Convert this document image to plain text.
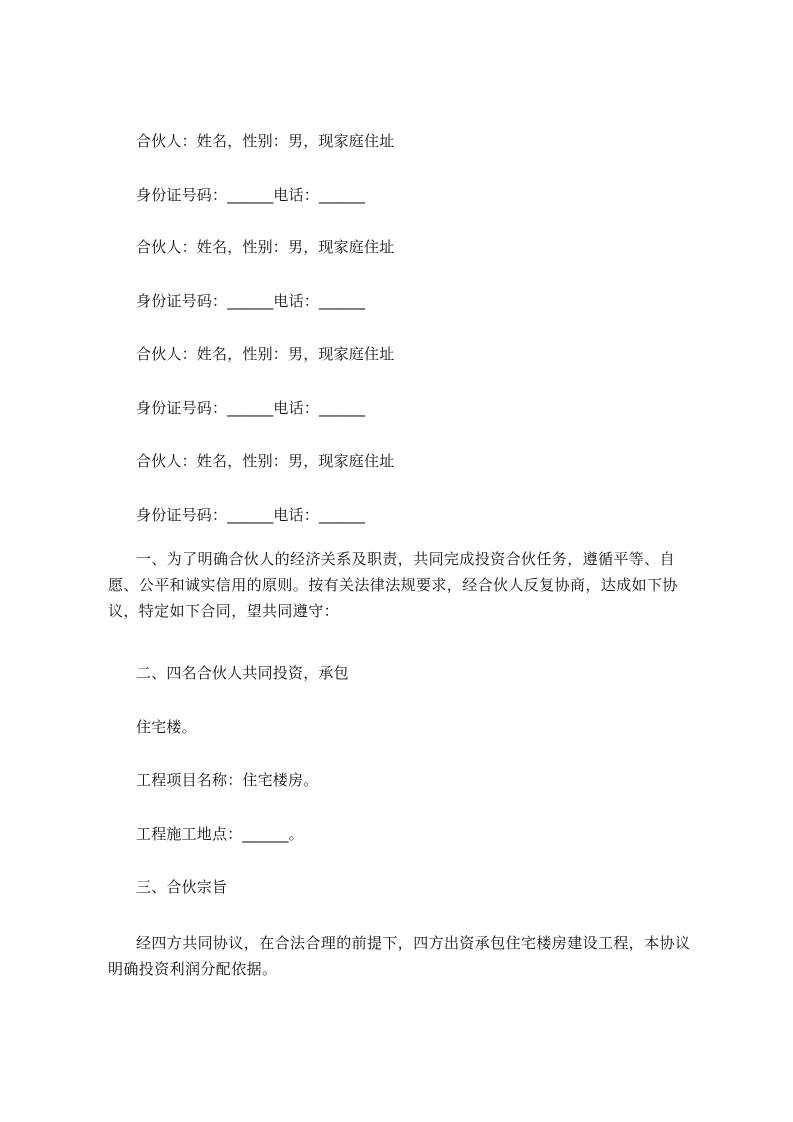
合伙人：姓名，性别：男，现家庭住址
身份证号码：______电话：______
合伙人：姓名，性别：男，现家庭住址
身份证号码：______电话：______
合伙人：姓名，性别：男，现家庭住址
身份证号码：______电话：______
合伙人：姓名，性别：男，现家庭住址
身份证号码：______电话：______
一、为了明确合伙人的经济关系及职责，共同完成投资合伙任务，遵循平等、自愿、公平和诚实信用的原则。按有关法律法规要求，经合伙人反复协商，达成如下协议，特定如下合同，望共同遵守：
二、四名合伙人共同投资，承包
住宅楼。
工程项目名称：住宅楼房。
工程施工地点：______。
三、合伙宗旨
经四方共同协议，在合法合理的前提下，四方出资承包住宅楼房建设工程，本协议明确投资利润分配依据。
